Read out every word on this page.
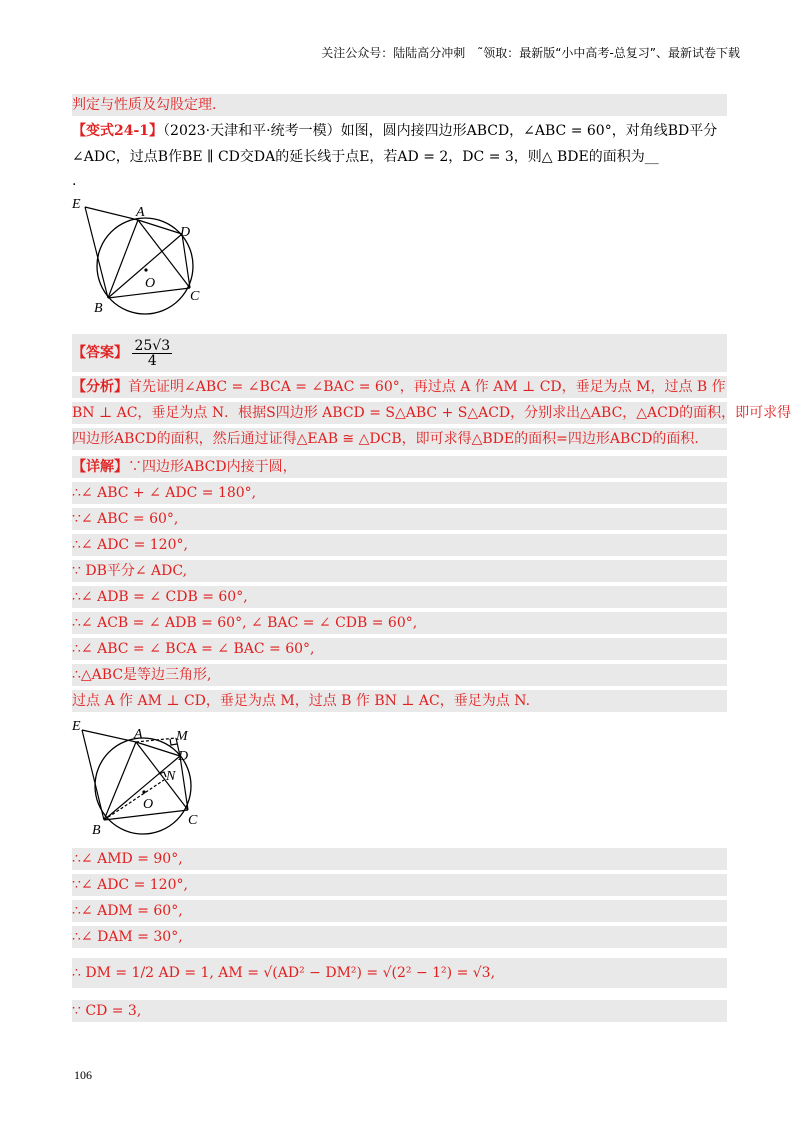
关注公众号：陆陆高分冲刺　˜领取：最新版“小中高考-总复习”、最新试卷下载
判定与性质及勾股定理.
【变式24-1】（2023·天津和平·统考一模）如图，圆内接四边形ABCD，∠ABC = 60°，对角线BD平分
∠ADC，过点B作BE ∥ CD交DA的延长线于点E，若AD = 2，DC = 3，则△ BDE的面积为__
.
E
A
D
O
B
C
【答案】 $\frac{25√3}{4}$
【分析】首先证明∠ABC = ∠BCA = ∠BAC = 60°，再过点 A 作 AM ⊥ CD，垂足为点 M，过点 B 作
BN ⊥ AC，垂足为点 N．根据S四边形 ABCD = S△ABC + S△ACD，分别求出△ABC，△ACD的面积，即可求得
四边形ABCD的面积，然后通过证得△EAB ≅ △DCB，即可求得△BDE的面积=四边形ABCD的面积.
【详解】∵四边形ABCD内接于圆，
∴∠ ABC + ∠ ADC = 180°,
∵∠ ABC = 60°,
∴∠ ADC = 120°,
∵ DB平分∠ ADC,
∴∠ ADB = ∠ CDB = 60°,
∴∠ ACB = ∠ ADB = 60°, ∠ BAC = ∠ CDB = 60°,
∴∠ ABC = ∠ BCA = ∠ BAC = 60°,
∴△ABC是等边三角形,
过点 A 作 AM ⊥ CD，垂足为点 M，过点 B 作 BN ⊥ AC，垂足为点 N.
E
A M
D
N
O
B
C
∴∠ AMD = 90°,
∵∠ ADC = 120°,
∴∠ ADM = 60°,
∴∠ DAM = 30°,
∴ DM = 1/2 AD = 1, AM = √(AD² − DM²) = √(2² − 1²) = √3,
∵ CD = 3,
106
